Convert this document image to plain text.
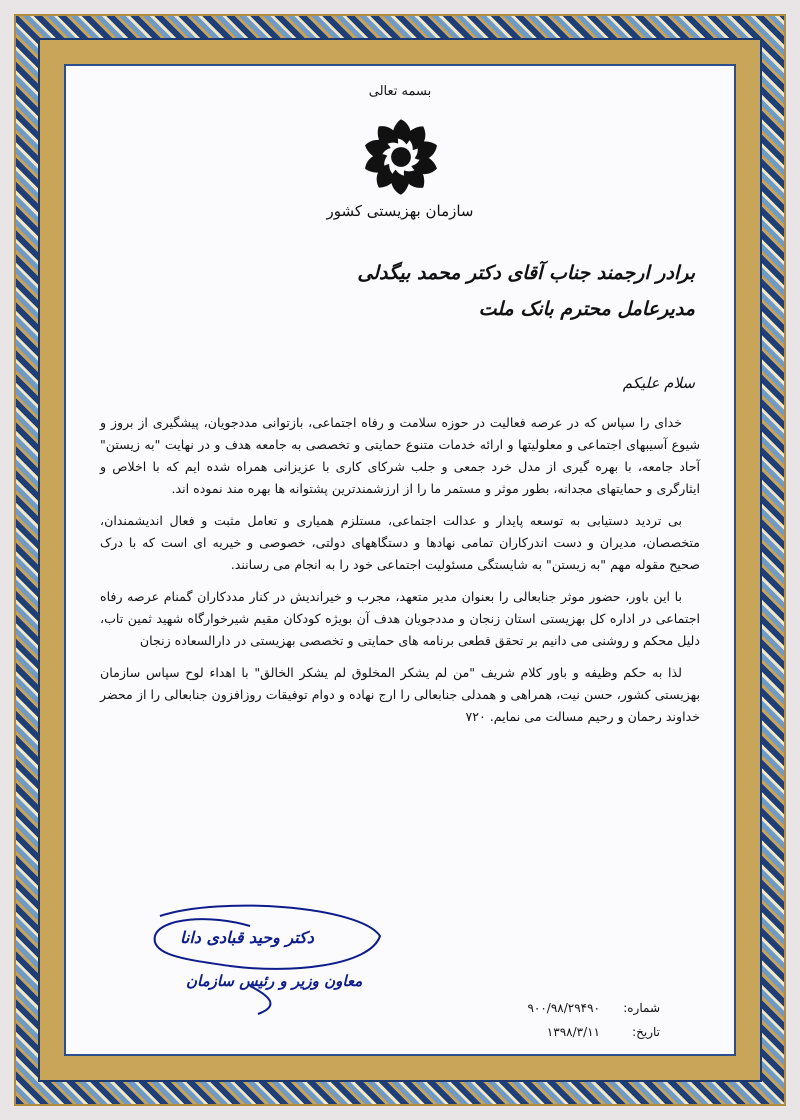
بسمه تعالی
سازمان بهزیستی کشور
برادر ارجمند جناب آقای دکتر محمد بیگدلی
مدیرعامل محترم بانک ملت
سلام علیکم

خدای را سپاس که در عرصه فعالیت در حوزه سلامت و رفاه اجتماعی، بازتوانی مددجویان، پیشگیری از بروز و شیوع آسیبهای اجتماعی و معلولیتها و ارائه خدمات متنوع حمایتی و تخصصی به جامعه هدف و در نهایت "به زیستن" آحاد جامعه، با بهره گیری از مدل خرد جمعی و جلب شرکای کاری با عزیزانی همراه شده ایم که با اخلاص و ایثارگری و حمایتهای مجدانه، بطور موثر و مستمر ما را از ارزشمندترین پشتوانه ها بهره مند نموده اند.

بی تردید دستیابی به توسعه پایدار و عدالت اجتماعی، مستلزم همیاری و تعامل مثبت و فعال اندیشمندان، متخصصان، مدیران و دست اندرکاران تمامی نهادها و دستگاههای دولتی، خصوصی و خیریه ای است که با درک صحیح مقوله مهم "به زیستن" به شایستگی مسئولیت اجتماعی خود را به انجام می رسانند.

با این باور، حضور موثر جنابعالی را بعنوان مدیر متعهد، مجرب و خیراندیش در کنار مددکاران گمنام عرصه رفاه اجتماعی در اداره کل بهزیستی استان زنجان و مددجویان هدف آن بویژه کودکان مقیم شیرخوارگاه شهید ثمین تاب، دلیل محکم و روشنی می دانیم بر تحقق قطعی برنامه های حمایتی و تخصصی بهزیستی در دارالسعاده زنجان

لذا به حکم وظیفه و باور کلام شریف "من لم یشکر المخلوق لم یشکر الخالق" با اهداء لوح سپاس سازمان بهزیستی کشور، حسن نیت، همراهی و همدلی جنابعالی را ارج نهاده و دوام توفیقات روزافزون جنابعالی را از محضر خداوند رحمان و رحیم مسالت می نمایم. ۷۲۰

دکتر وحید قبادی دانا
معاون وزیر و رئیس سازمان
شماره:
۹۰۰/۹۸/۲۹۴۹۰
تاریخ:
۱۳۹۸/۳/۱۱
